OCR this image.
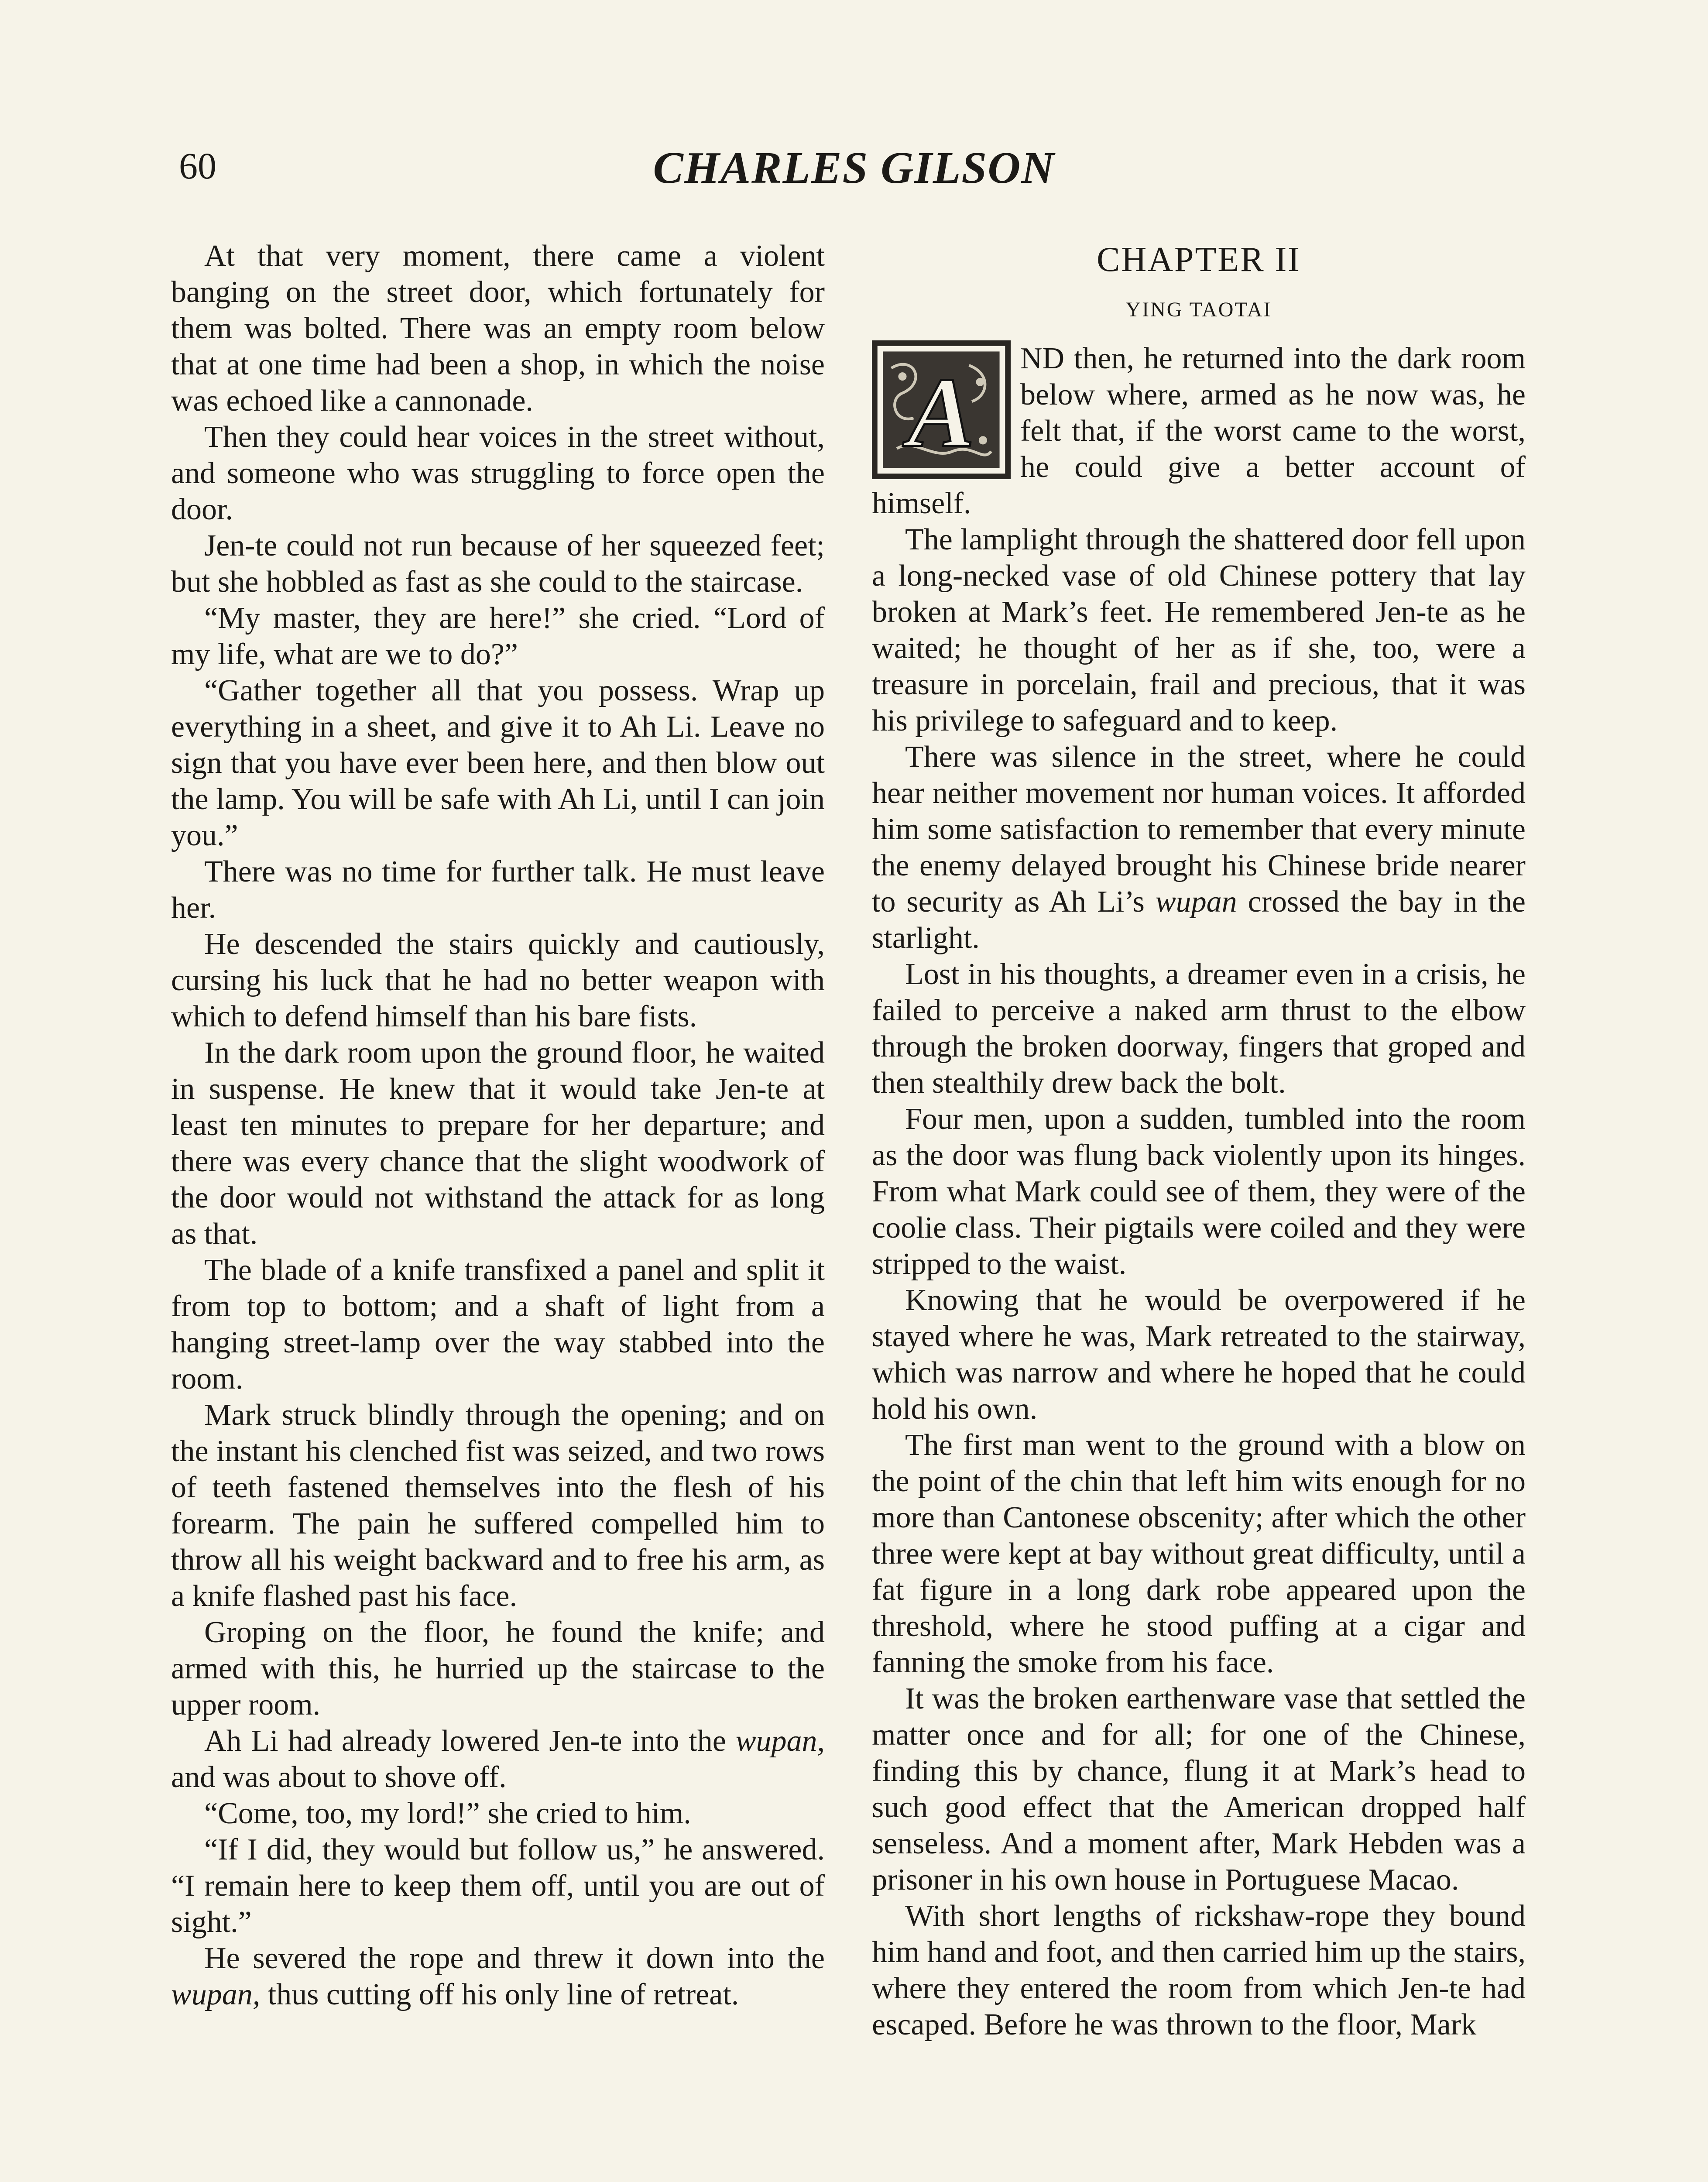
60	CHARLES GILSON

At that very moment, there came a violent banging on the street door, which fortunately for them was bolted. There was an empty room below that at one time had been a shop, in which the noise was echoed like a cannonade.

Then they could hear voices in the street without, and someone who was struggling to force open the door.

Jen-te could not run because of her squeezed feet; but she hobbled as fast as she could to the staircase.

“My master, they are here!” she cried. “Lord of my life, what are we to do?”

“Gather together all that you possess. Wrap up everything in a sheet, and give it to Ah Li. Leave no sign that you have ever been here, and then blow out the lamp. You will be safe with Ah Li, until I can join you.”

There was no time for further talk. He must leave her.

He descended the stairs quickly and cautiously, cursing his luck that he had no better weapon with which to defend himself than his bare fists.

In the dark room upon the ground floor, he waited in suspense. He knew that it would take Jen-te at least ten minutes to prepare for her departure; and there was every chance that the slight woodwork of the door would not withstand the attack for as long as that.

The blade of a knife transfixed a panel and split it from top to bottom; and a shaft of light from a hanging street-lamp over the way stabbed into the room.

Mark struck blindly through the opening; and on the instant his clenched fist was seized, and two rows of teeth fastened themselves into the flesh of his forearm. The pain he suffered compelled him to throw all his weight backward and to free his arm, as a knife flashed past his face.

Groping on the floor, he found the knife; and armed with this, he hurried up the staircase to the upper room.

Ah Li had already lowered Jen-te into the wupan, and was about to shove off.

“Come, too, my lord!” she cried to him.

“If I did, they would but follow us,” he answered. “I remain here to keep them off, until you are out of sight.”

He severed the rope and threw it down into the wupan, thus cutting off his only line of retreat.

CHAPTER II
YING TAOTAI

A ND then, he returned into the dark room below where, armed as he now was, he felt that, if the worst came to the worst, he could give a better account of himself.

The lamplight through the shattered door fell upon a long-necked vase of old Chinese pottery that lay broken at Mark’s feet. He remembered Jen-te as he waited; he thought of her as if she, too, were a treasure in porcelain, frail and precious, that it was his privilege to safeguard and to keep.

There was silence in the street, where he could hear neither movement nor human voices. It afforded him some satisfaction to remember that every minute the enemy delayed brought his Chinese bride nearer to security as Ah Li’s wupan crossed the bay in the starlight.

Lost in his thoughts, a dreamer even in a crisis, he failed to perceive a naked arm thrust to the elbow through the broken doorway, fingers that groped and then stealthily drew back the bolt.

Four men, upon a sudden, tumbled into the room as the door was flung back violently upon its hinges. From what Mark could see of them, they were of the coolie class. Their pigtails were coiled and they were stripped to the waist.

Knowing that he would be overpowered if he stayed where he was, Mark retreated to the stairway, which was narrow and where he hoped that he could hold his own.

The first man went to the ground with a blow on the point of the chin that left him wits enough for no more than Cantonese obscenity; after which the other three were kept at bay without great difficulty, until a fat figure in a long dark robe appeared upon the threshold, where he stood puffing at a cigar and fanning the smoke from his face.

It was the broken earthenware vase that settled the matter once and for all; for one of the Chinese, finding this by chance, flung it at Mark’s head to such good effect that the American dropped half senseless. And a moment after, Mark Hebden was a prisoner in his own house in Portuguese Macao.

With short lengths of rickshaw-rope they bound him hand and foot, and then carried him up the stairs, where they entered the room from which Jen-te had escaped. Before he was thrown to the floor, Mark
